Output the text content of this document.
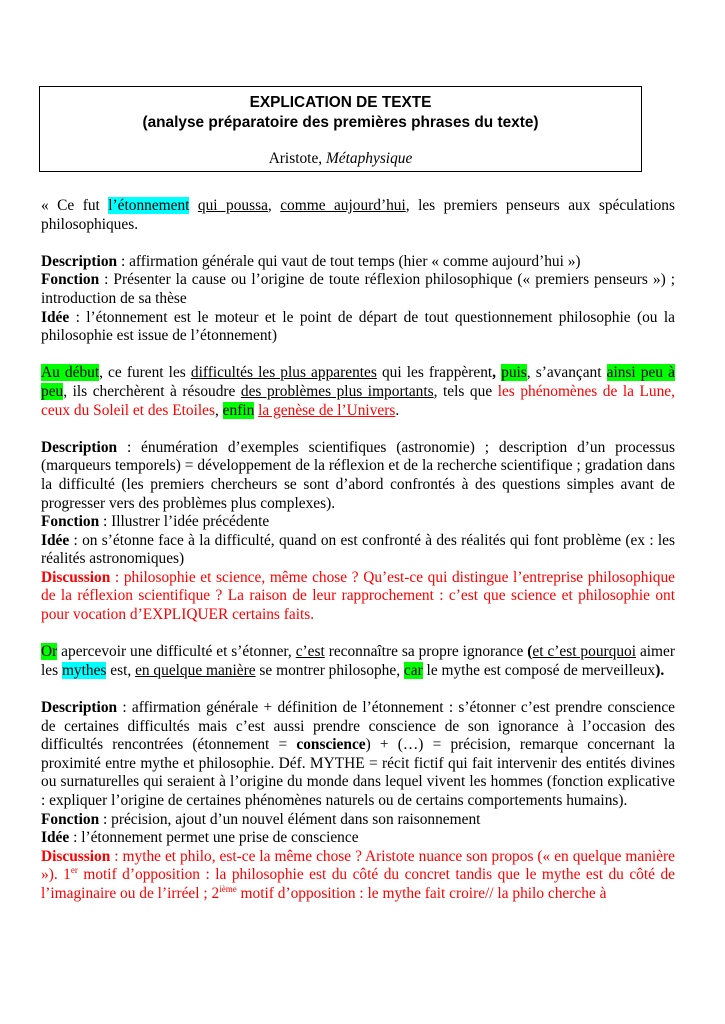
EXPLICATION DE TEXTE
(analyse préparatoire des premières phrases du texte)
Aristote, Métaphysique

« Ce fut l’étonnement qui poussa, comme aujourd’hui, les premiers penseurs aux spéculations philosophiques.

Description : affirmation générale qui vaut de tout temps (hier « comme aujourd’hui »)

Fonction : Présenter la cause ou l’origine de toute réflexion philosophique (« premiers penseurs ») ; introduction de sa thèse

Idée : l’étonnement est le moteur et le point de départ de tout questionnement philosophie (ou la philosophie est issue de l’étonnement)

Au début, ce furent les difficultés les plus apparentes qui les frappèrent, puis, s’avançant ainsi peu à peu, ils cherchèrent à résoudre des problèmes plus importants, tels que les phénomènes de la Lune, ceux du Soleil et des Etoiles, enfin la genèse de l’Univers.

Description : énumération d’exemples scientifiques (astronomie) ; description d’un processus (marqueurs temporels) = développement de la réflexion et de la recherche scientifique ; gradation dans la difficulté (les premiers chercheurs se sont d’abord confrontés à des questions simples avant de progresser vers des problèmes plus complexes).

Fonction : Illustrer l’idée précédente

Idée : on s’étonne face à la difficulté, quand on est confronté à des réalités qui font problème (ex : les réalités astronomiques)

Discussion : philosophie et science, même chose ? Qu’est-ce qui distingue l’entreprise philosophique de la réflexion scientifique ? La raison de leur rapprochement : c’est que science et philosophie ont pour vocation d’EXPLIQUER certains faits.

Or apercevoir une difficulté et s’étonner, c’est reconnaître sa propre ignorance (et c’est pourquoi aimer les mythes est, en quelque manière se montrer philosophe, car le mythe est composé de merveilleux).

Description : affirmation générale + définition de l’étonnement : s’étonner c’est prendre conscience de certaines difficultés mais c’est aussi prendre conscience de son ignorance à l’occasion des difficultés rencontrées (étonnement = conscience) + (…) = précision, remarque concernant la proximité entre mythe et philosophie. Déf. MYTHE = récit fictif qui fait intervenir des entités divines ou surnaturelles qui seraient à l’origine du monde dans lequel vivent les hommes (fonction explicative : expliquer l’origine de certaines phénomènes naturels ou de certains comportements humains).

Fonction : précision, ajout d’un nouvel élément dans son raisonnement

Idée : l’étonnement permet une prise de conscience

Discussion : mythe et philo, est-ce la même chose ? Aristote nuance son propos (« en quelque manière »). 1er motif d’opposition : la philosophie est du côté du concret tandis que le mythe est du côté de l’imaginaire ou de l’irréel ; 2ième motif d’opposition : le mythe fait croire// la philo cherche à
